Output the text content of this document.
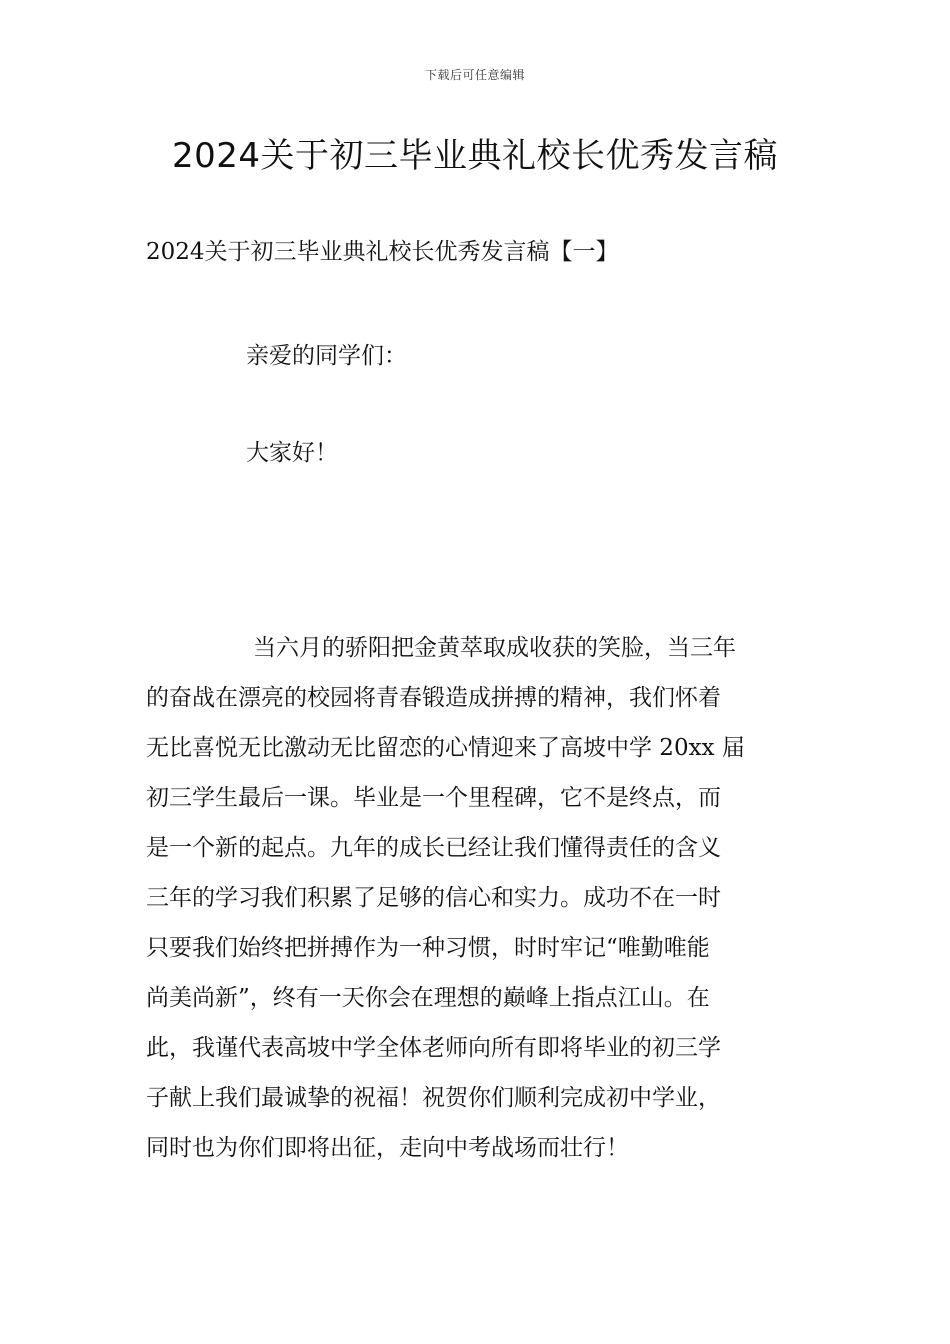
下载后可任意编辑
2024关于初三毕业典礼校长优秀发言稿
2024关于初三毕业典礼校长优秀发言稿【一】

亲爱的同学们：

大家好！

当六月的骄阳把金黄萃取成收获的笑脸，当三年
的奋战在漂亮的校园将青春锻造成拼搏的精神，我们怀着
无比喜悦无比激动无比留恋的心情迎来了高坡中学 20xx 届
初三学生最后一课。毕业是一个里程碑，它不是终点，而
是一个新的起点。九年的成长已经让我们懂得责任的含义
三年的学习我们积累了足够的信心和实力。成功不在一时
只要我们始终把拼搏作为一种习惯，时时牢记“唯勤唯能
尚美尚新”，终有一天你会在理想的巅峰上指点江山。在
此，我谨代表高坡中学全体老师向所有即将毕业的初三学
子献上我们最诚挚的祝福！祝贺你们顺利完成初中学业，
同时也为你们即将出征，走向中考战场而壮行！
